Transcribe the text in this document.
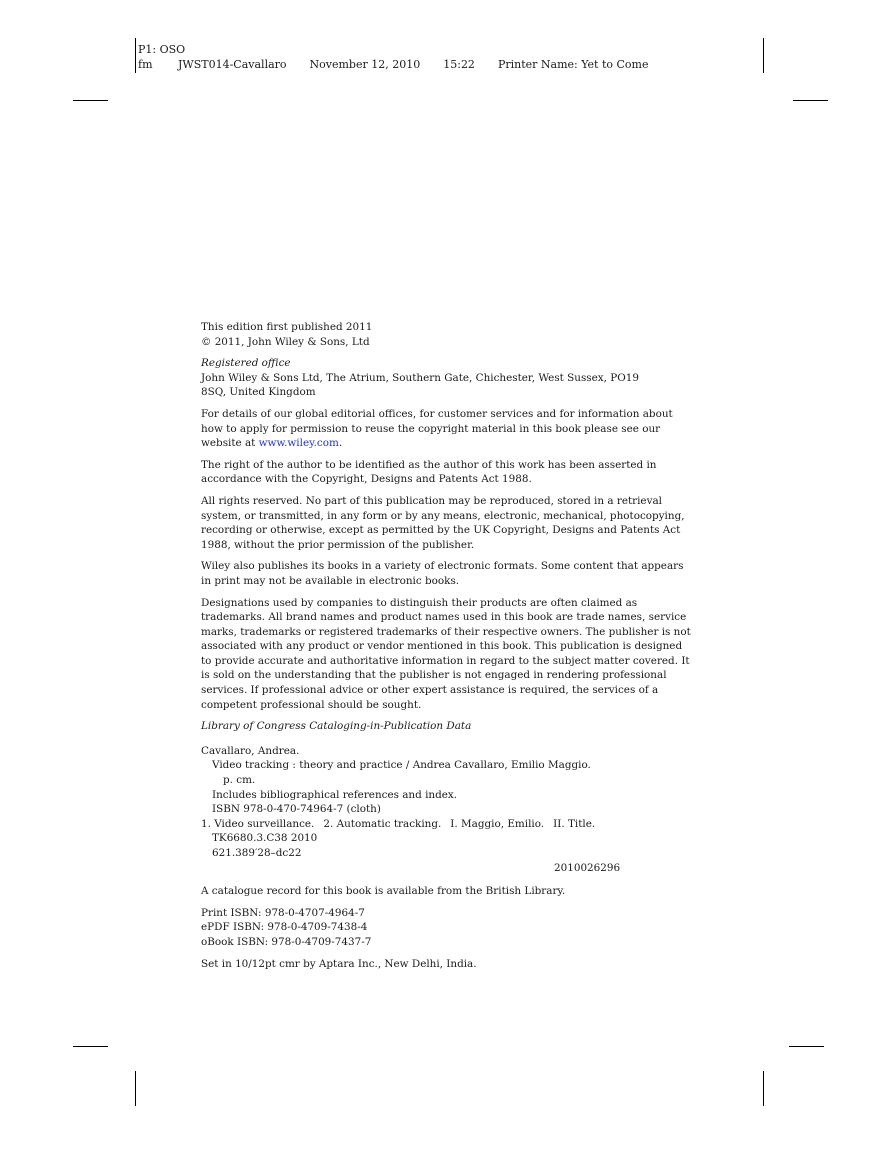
P1: OSO
fm JWST014-Cavallaro November 12, 2010 15:22 Printer Name: Yet to Come

This edition first published 2011
© 2011, John Wiley & Sons, Ltd

Registered office
John Wiley & Sons Ltd, The Atrium, Southern Gate, Chichester, West Sussex, PO19
8SQ, United Kingdom

For details of our global editorial offices, for customer services and for information about how to apply for permission to reuse the copyright material in this book please see our website at www.wiley.com.

The right of the author to be identified as the author of this work has been asserted in accordance with the Copyright, Designs and Patents Act 1988.

All rights reserved. No part of this publication may be reproduced, stored in a retrieval system, or transmitted, in any form or by any means, electronic, mechanical, photocopying, recording or otherwise, except as permitted by the UK Copyright, Designs and Patents Act 1988, without the prior permission of the publisher.

Wiley also publishes its books in a variety of electronic formats. Some content that appears in print may not be available in electronic books.

Designations used by companies to distinguish their products are often claimed as trademarks. All brand names and product names used in this book are trade names, service marks, trademarks or registered trademarks of their respective owners. The publisher is not associated with any product or vendor mentioned in this book. This publication is designed to provide accurate and authoritative information in regard to the subject matter covered. It is sold on the understanding that the publisher is not engaged in rendering professional services. If professional advice or other expert assistance is required, the services of a competent professional should be sought.

Library of Congress Cataloging-in-Publication Data

Cavallaro, Andrea.
Video tracking : theory and practice / Andrea Cavallaro, Emilio Maggio.
p. cm.
Includes bibliographical references and index.
ISBN 978-0-470-74964-7 (cloth)
1. Video surveillance. 2. Automatic tracking. I. Maggio, Emilio. II. Title.
TK6680.3.C38 2010
621.389′28–dc22
2010026296

A catalogue record for this book is available from the British Library.

Print ISBN: 978-0-4707-4964-7
ePDF ISBN: 978-0-4709-7438-4
oBook ISBN: 978-0-4709-7437-7

Set in 10/12pt cmr by Aptara Inc., New Delhi, India.
